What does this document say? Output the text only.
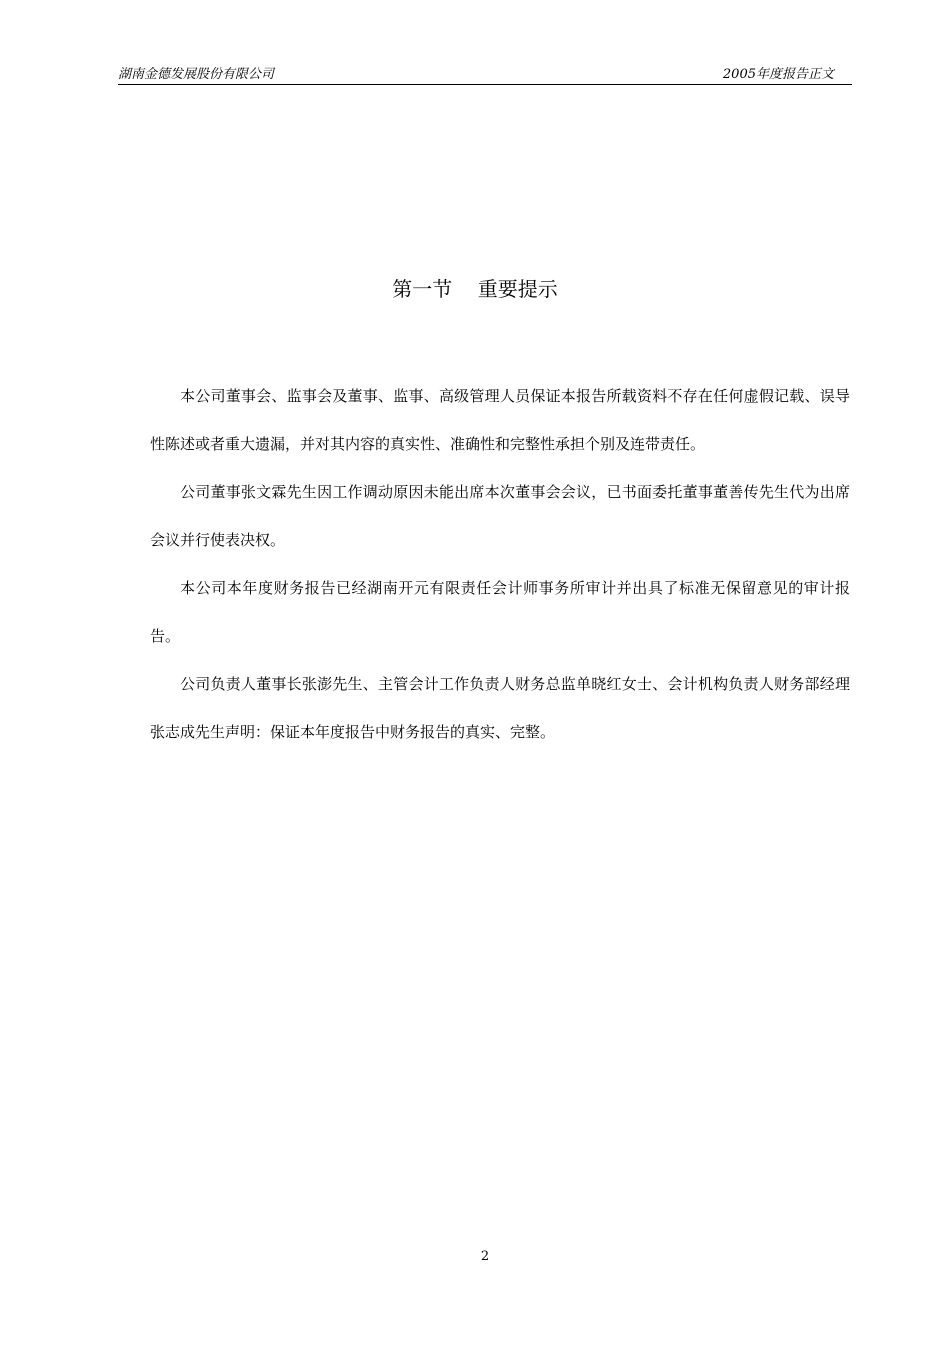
湖南金德发展股份有限公司	2005年度报告正文
第一节    重要提示

本公司董事会、监事会及董事、监事、高级管理人员保证本报告所载资料不存在任何虚假记载、误导性陈述或者重大遗漏，并对其内容的真实性、准确性和完整性承担个别及连带责任。

公司董事张文霖先生因工作调动原因未能出席本次董事会会议，已书面委托董事董善传先生代为出席会议并行使表决权。

本公司本年度财务报告已经湖南开元有限责任会计师事务所审计并出具了标准无保留意见的审计报告。

公司负责人董事长张澎先生、主管会计工作负责人财务总监单晓红女士、会计机构负责人财务部经理张志成先生声明：保证本年度报告中财务报告的真实、完整。

2
